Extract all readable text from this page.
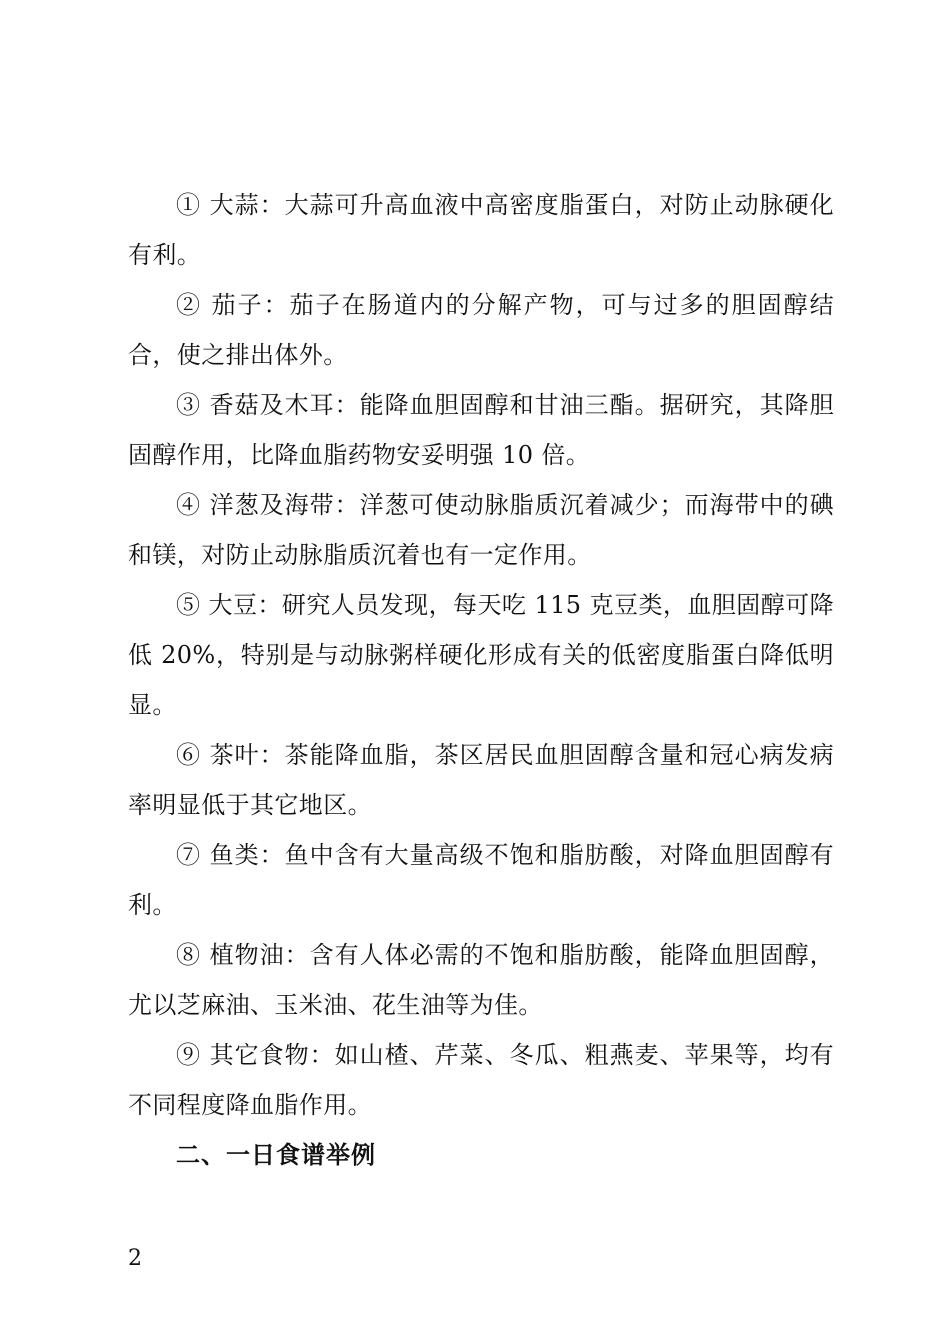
① 大蒜：大蒜可升高血液中高密度脂蛋白，对防止动脉硬化有利。

② 茄子：茄子在肠道内的分解产物，可与过多的胆固醇结合，使之排出体外。

③ 香菇及木耳：能降血胆固醇和甘油三酯。据研究，其降胆固醇作用，比降血脂药物安妥明强 10 倍。

④ 洋葱及海带：洋葱可使动脉脂质沉着减少；而海带中的碘和镁，对防止动脉脂质沉着也有一定作用。

⑤ 大豆：研究人员发现，每天吃 115 克豆类，血胆固醇可降低 20%，特别是与动脉粥样硬化形成有关的低密度脂蛋白降低明显。

⑥ 茶叶：茶能降血脂，茶区居民血胆固醇含量和冠心病发病率明显低于其它地区。

⑦ 鱼类：鱼中含有大量高级不饱和脂肪酸，对降血胆固醇有利。

⑧ 植物油：含有人体必需的不饱和脂肪酸，能降血胆固醇，尤以芝麻油、玉米油、花生油等为佳。

⑨ 其它食物：如山楂、芹菜、冬瓜、粗燕麦、苹果等，均有不同程度降血脂作用。

二、一日食谱举例

2
